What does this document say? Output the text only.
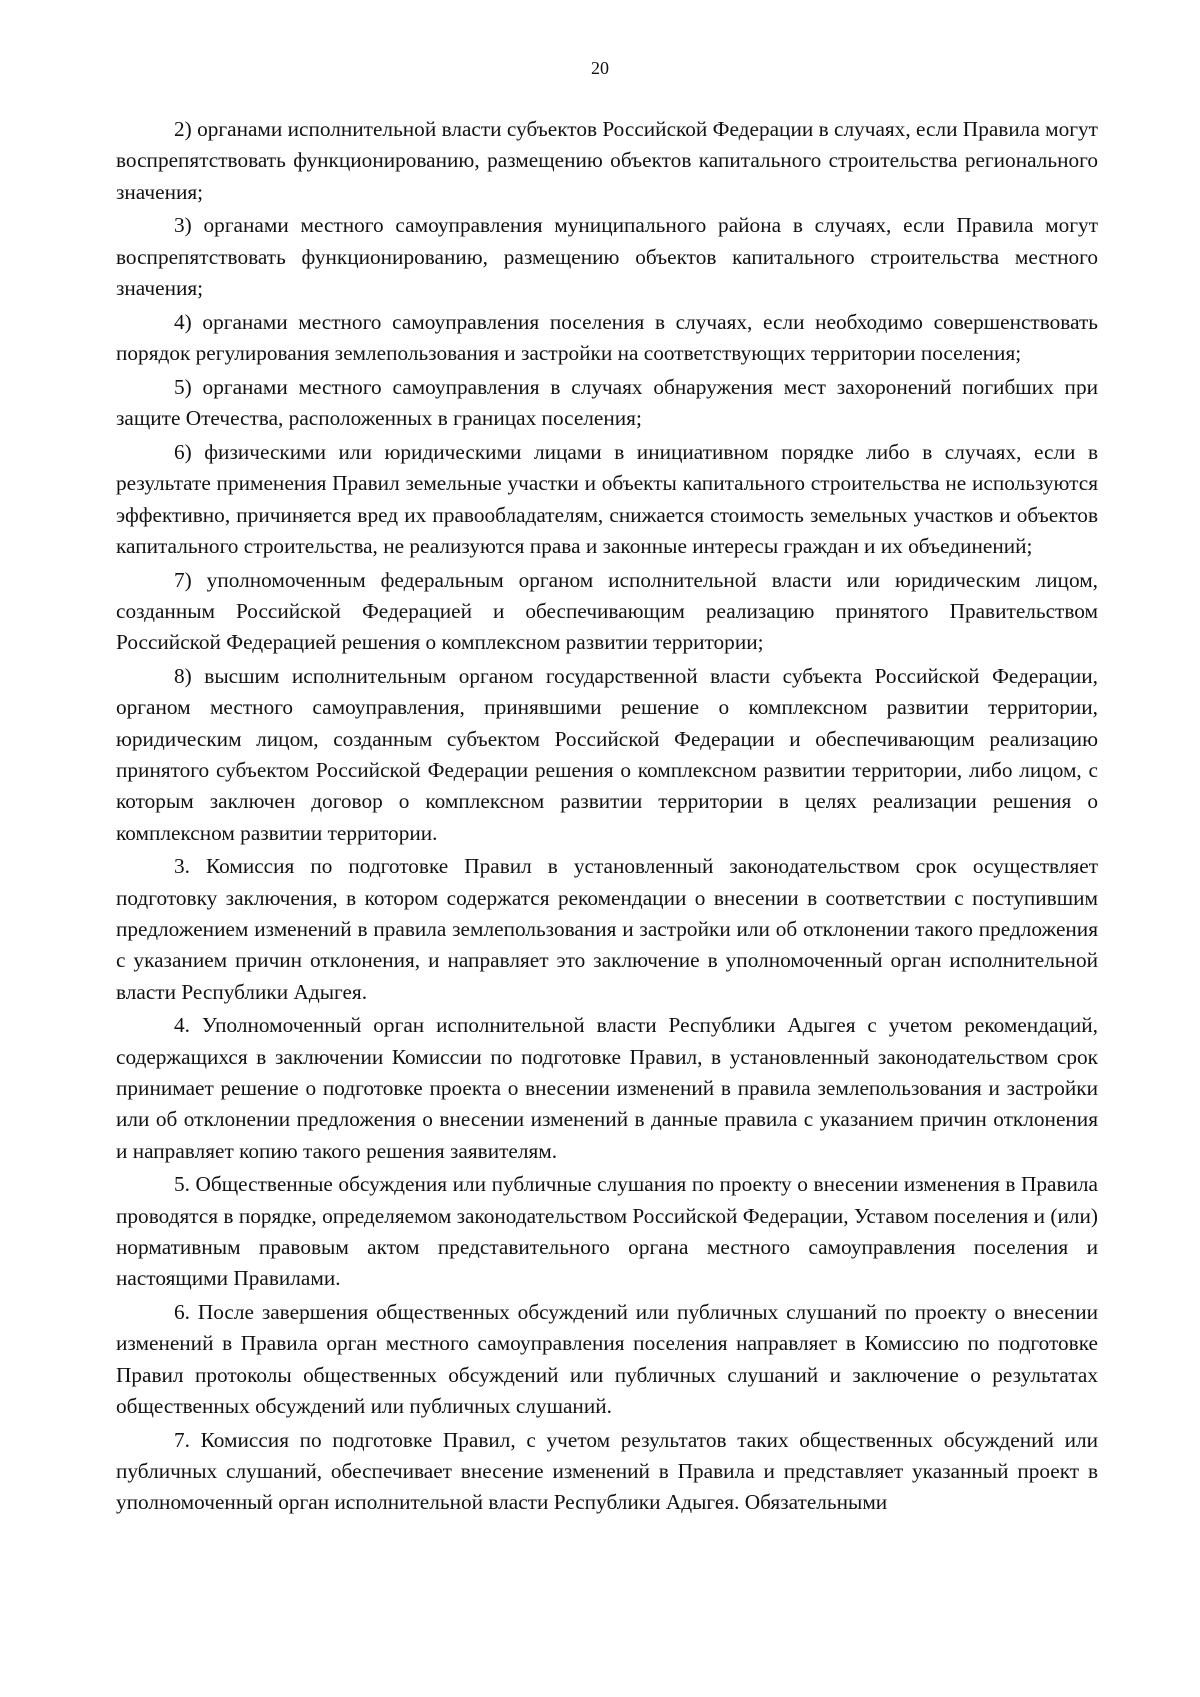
20

2) органами исполнительной власти субъектов Российской Федерации в случаях, если Правила могут воспрепятствовать функционированию, размещению объектов капитального строительства регионального значения;

3) органами местного самоуправления муниципального района в случаях, если Правила могут воспрепятствовать функционированию, размещению объектов капитального строительства местного значения;

4) органами местного самоуправления поселения в случаях, если необходимо совершенствовать порядок регулирования землепользования и застройки на соответствующих территории поселения;

5) органами местного самоуправления в случаях обнаружения мест захоронений погибших при защите Отечества, расположенных в границах поселения;

6) физическими или юридическими лицами в инициативном порядке либо в случаях, если в результате применения Правил земельные участки и объекты капитального строительства не используются эффективно, причиняется вред их правообладателям, снижается стоимость земельных участков и объектов капитального строительства, не реализуются права и законные интересы граждан и их объединений;

7) уполномоченным федеральным органом исполнительной власти или юридическим лицом, созданным Российской Федерацией и обеспечивающим реализацию принятого Правительством Российской Федерацией решения о комплексном развитии территории;

8) высшим исполнительным органом государственной власти субъекта Российской Федерации, органом местного самоуправления, принявшими решение о комплексном развитии территории, юридическим лицом, созданным субъектом Российской Федерации и обеспечивающим реализацию принятого субъектом Российской Федерации решения о комплексном развитии территории, либо лицом, с которым заключен договор о комплексном развитии территории в целях реализации решения о комплексном развитии территории.

3. Комиссия по подготовке Правил в установленный законодательством срок осуществляет подготовку заключения, в котором содержатся рекомендации о внесении в соответствии с поступившим предложением изменений в правила землепользования и застройки или об отклонении такого предложения с указанием причин отклонения, и направляет это заключение в уполномоченный орган исполнительной власти Республики Адыгея.

4. Уполномоченный орган исполнительной власти Республики Адыгея с учетом рекомендаций, содержащихся в заключении Комиссии по подготовке Правил, в установленный законодательством срок принимает решение о подготовке проекта о внесении изменений в правила землепользования и застройки или об отклонении предложения о внесении изменений в данные правила с указанием причин отклонения и направляет копию такого решения заявителям.

5. Общественные обсуждения или публичные слушания по проекту о внесении изменения в Правила проводятся в порядке, определяемом законодательством Российской Федерации, Уставом поселения и (или) нормативным правовым актом представительного органа местного самоуправления поселения и настоящими Правилами.

6. После завершения общественных обсуждений или публичных слушаний по проекту о внесении изменений в Правила орган местного самоуправления поселения направляет в Комиссию по подготовке Правил протоколы общественных обсуждений или публичных слушаний и заключение о результатах общественных обсуждений или публичных слушаний.

7. Комиссия по подготовке Правил, с учетом результатов таких общественных обсуждений или публичных слушаний, обеспечивает внесение изменений в Правила и представляет указанный проект в уполномоченный орган исполнительной власти Республики Адыгея. Обязательными
